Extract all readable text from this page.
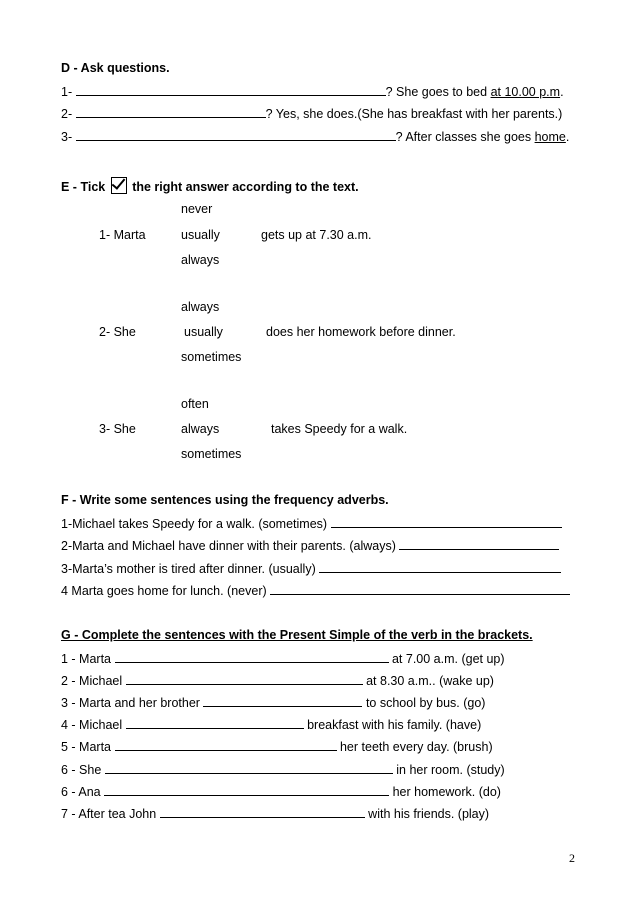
D - Ask questions.
1-	? She goes to bed at 10.00 p.m.
2-	? Yes, she does.(She has breakfast with her parents.)
3-	? After classes she goes home.
E - Tick the right answer according to the text.
never
1- Marta	usually	gets up at 7.30 a.m.
always
always
2- She	usually	does her homework before dinner.
sometimes
often
3- She	always	takes Speedy for a walk.
sometimes
F - Write some sentences using the frequency adverbs.
1-Michael takes Speedy for a walk. (sometimes)
2-Marta and Michael have dinner with their parents. (always)
3-Marta’s mother is tired after dinner. (usually)
4 Marta goes home for lunch. (never)
G - Complete the sentences with the Present Simple of the verb in the brackets.
1 - Marta	at 7.00 a.m. (get up)
2 - Michael	at 8.30 a.m.. (wake up)
3 - Marta and her brother	to school by bus. (go)
4 - Michael	breakfast with his family. (have)
5 - Marta	her teeth every day. (brush)
6 - She	in her room. (study)
6 - Ana	her homework. (do)
7 - After tea John	with his friends. (play)
2
